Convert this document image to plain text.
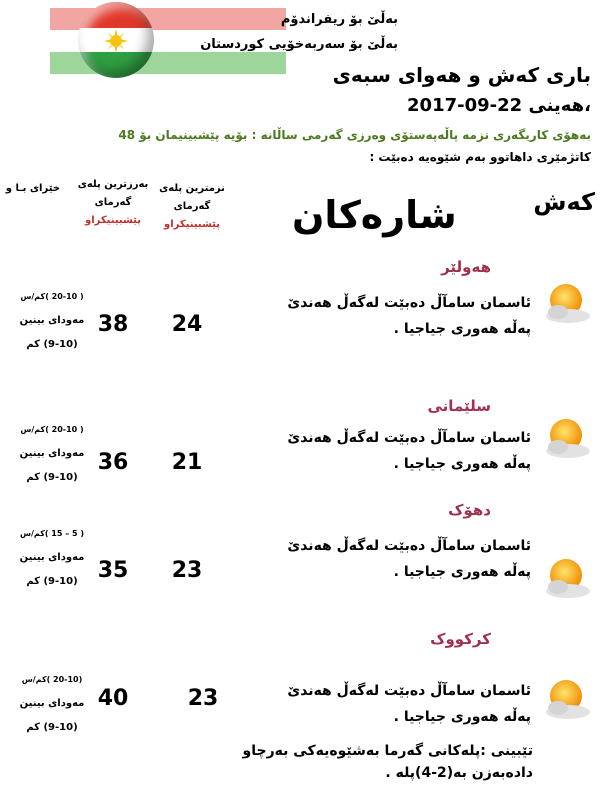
بەڵێ بۆ ریفراندۆم
بەڵێ بۆ سەربەخۆیی کوردستان
باری کەش و هەوای سبەی
،هەینی 2017-09-22
بەهۆی کاریگەری نزمە پاڵەپەستۆی وەرزی گەرمی ساڵانە : بۆیە پێشبینیمان بۆ 48
کاتژمێری داهاتوو بەم شێوەیە دەبێت :
کەش
شارەکان
نزمترین پلەی
گەرمای
پێشبینیکراو
بەرزترین پلەی
گەرمای
پێشبینیکراو
خێرای بـا و
هەولێر
ئاسمان سامآڵ دەبێت لەگەڵ هەندێ
پەڵە هەوری جیاجیا .
24
38
( 20-10 )کم/س
مەودای بینین
(9-10) کم
سلێمانی
ئاسمان سامآڵ دەبێت لەگەڵ هەندێ
پەڵە هەوری جیاجیا .
21
36
( 20-10 )کم/س
مەودای بینین
(9-10) کم
دهۆک
ئاسمان سامآڵ دەبێت لەگەڵ هەندێ
پەڵە هەوری جیاجیا .
23
35
( 5 – 15 )کم/س
مەودای بینین
(9-10) کم
کرکووک
ئاسمان سامآڵ دەبێت لەگەڵ هەندێ
پەڵە هەوری جیاجیا .
23
40
(20-10 )کم/س
مەودای بینین
(9-10) کم
تێبینی :پلەکانی گەرما بەشێوەیەکی بەرچاو
دادەبەزن بە(2-4)پلە .
